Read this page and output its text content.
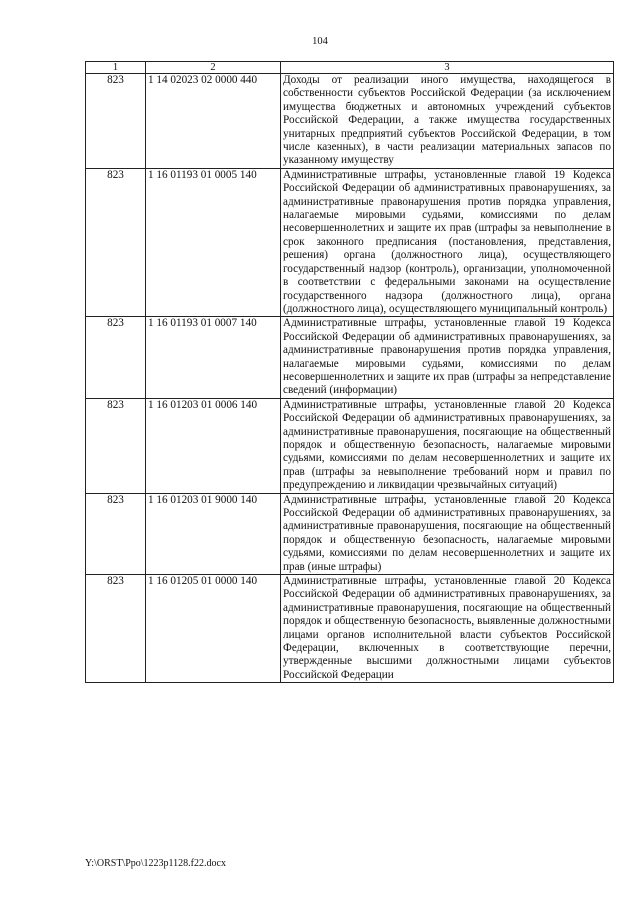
104
1	2	3
823	1 14 02023 02 0000 440	Доходы от реализации иного имущества, находящегося в собственности субъектов Российской Федерации (за исключением имущества бюджетных и автономных учреждений субъектов Российской Федерации, а также имущества государственных унитарных предприятий субъектов Российской Федерации, в том числе казенных), в части реализации материальных запасов по указанному имуществу
823	1 16 01193 01 0005 140	Административные штрафы, установленные главой 19 Кодекса Российской Федерации об административных правонарушениях, за административные правонарушения против порядка управления, налагаемые мировыми судьями, комиссиями по делам несовершеннолетних и защите их прав (штрафы за невыполнение в срок законного предписания (постановления, представления, решения) органа (должностного лица), осуществляющего государственный надзор (контроль), организации, уполномоченной в соответствии с федеральными законами на осуществление государственного надзора (должностного лица), органа (должностного лица), осуществляющего муниципальный контроль)
823	1 16 01193 01 0007 140	Административные штрафы, установленные главой 19 Кодекса Российской Федерации об административных правонарушениях, за административные правонарушения против порядка управления, налагаемые мировыми судьями, комиссиями по делам несовершеннолетних и защите их прав (штрафы за непредставление сведений (информации)
823	1 16 01203 01 0006 140	Административные штрафы, установленные главой 20 Кодекса Российской Федерации об административных правонарушениях, за административные правонарушения, посягающие на общественный порядок и общественную безопасность, налагаемые мировыми судьями, комиссиями по делам несовершеннолетних и защите их прав (штрафы за невыполнение требований норм и правил по предупреждению и ликвидации чрезвычайных ситуаций)
823	1 16 01203 01 9000 140	Административные штрафы, установленные главой 20 Кодекса Российской Федерации об административных правонарушениях, за административные правонарушения, посягающие на общественный порядок и общественную безопасность, налагаемые мировыми судьями, комиссиями по делам несовершеннолетних и защите их прав (иные штрафы)
823	1 16 01205 01 0000 140	Административные штрафы, установленные главой 20 Кодекса Российской Федерации об административных правонарушениях, за административные правонарушения, посягающие на общественный порядок и общественную безопасность, выявленные должностными лицами органов исполнительной власти субъектов Российской Федерации, включенных в соответствующие перечни, утвержденные высшими должностными лицами субъектов Российской Федерации
Y:\ORST\Ppo\1223p1128.f22.docx
